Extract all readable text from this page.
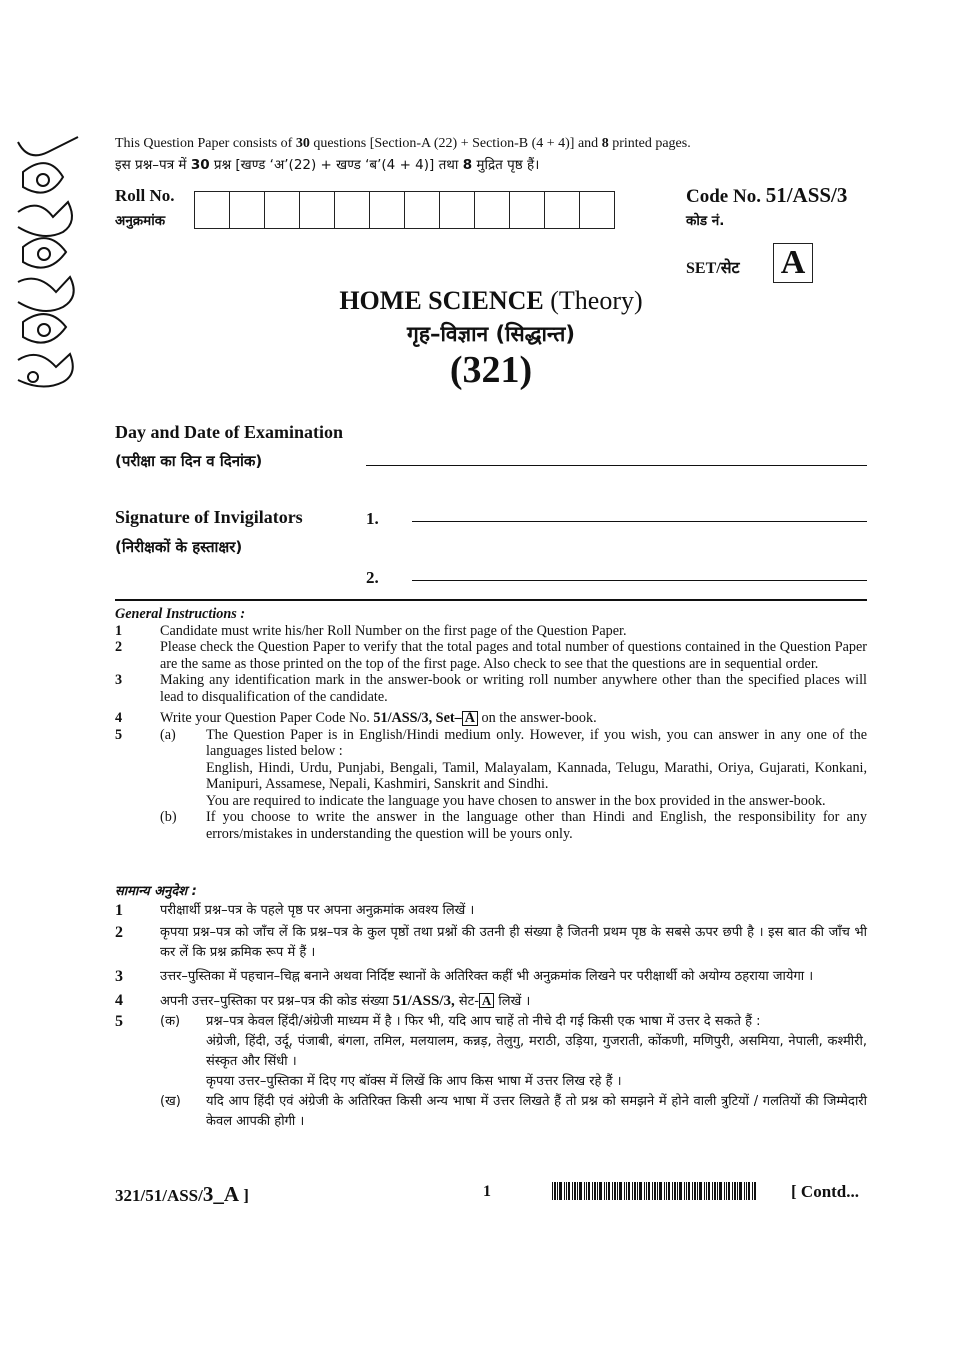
This Question Paper consists of 30 questions [Section-A (22) + Section-B (4 + 4)] and 8 printed pages.
इस प्रश्न–पत्र में 30 प्रश्न [खण्ड ‘अ’(22) + खण्ड ‘ब’(4 + 4)] तथा 8 मुद्रित पृष्ठ हैं।
Roll No.
अनुक्रमांक
Code No. 51/ASS/3
कोड नं.
SET/सेट A
HOME SCIENCE (Theory)
गृह–विज्ञान (सिद्धान्त)
(321)
Day and Date of Examination
(परीक्षा का दिन व दिनांक)
Signature of Invigilators
(निरीक्षकों के हस्ताक्षर)
1.
2.
General Instructions :
1	Candidate must write his/her Roll Number on the first page of the Question Paper.
2	Please check the Question Paper to verify that the total pages and total number of questions contained in the Question Paper are the same as those printed on the top of the first page. Also check to see that the questions are in sequential order.
3	Making any identification mark in the answer-book or writing roll number anywhere other than the specified places will lead to disqualification of the candidate.
4	Write your Question Paper Code No. 51/ASS/3, Set– A on the answer-book.
5	(a)	The Question Paper is in English/Hindi medium only. However, if you wish, you can answer in any one of the languages listed below :
English, Hindi, Urdu, Punjabi, Bengali, Tamil, Malayalam, Kannada, Telugu, Marathi, Oriya, Gujarati, Konkani, Manipuri, Assamese, Nepali, Kashmiri, Sanskrit and Sindhi.
You are required to indicate the language you have chosen to answer in the box provided in the answer-book.
(b)	If you choose to write the answer in the language other than Hindi and English, the responsibility for any errors/mistakes in understanding the question will be yours only.
सामान्य अनुदेश :
1	परीक्षार्थी प्रश्न–पत्र के पहले पृष्ठ पर अपना अनुक्रमांक अवश्य लिखें ।
2	कृपया प्रश्न–पत्र को जाँच लें कि प्रश्न–पत्र के कुल पृष्ठों तथा प्रश्नों की उतनी ही संख्या है जितनी प्रथम पृष्ठ के सबसे ऊपर छपी है । इस बात की जाँच भी कर लें कि प्रश्न क्रमिक रूप में हैं ।
3	उत्तर–पुस्तिका में पहचान–चिह्न बनाने अथवा निर्दिष्ट स्थानों के अतिरिक्त कहीं भी अनुक्रमांक लिखने पर परीक्षार्थी को अयोग्य ठहराया जायेगा ।
4	अपनी उत्तर–पुस्तिका पर प्रश्न–पत्र की कोड संख्या 51/ASS/3, सेट- A लिखें ।
5	(क)	प्रश्न–पत्र केवल हिंदी/अंग्रेजी माध्यम में है । फिर भी, यदि आप चाहें तो नीचे दी गई किसी एक भाषा में उत्तर दे सकते हैं :
अंग्रेजी, हिंदी, उर्दू, पंजाबी, बंगला, तमिल, मलयालम, कन्नड़, तेलुगु, मराठी, उड़िया, गुजराती, कोंकणी, मणिपुरी, असमिया, नेपाली, कश्मीरी, संस्कृत और सिंधी ।
कृपया उत्तर–पुस्तिका में दिए गए बॉक्स में लिखें कि आप किस भाषा में उत्तर लिख रहे हैं ।
(ख)	यदि आप हिंदी एवं अंग्रेजी के अतिरिक्त किसी अन्य भाषा में उत्तर लिखते हैं तो प्रश्न को समझने में होने वाली त्रुटियों / गलतियों की जिम्मेदारी केवल आपकी होगी ।
321/51/ASS/3_A ]	1	[ Contd...
